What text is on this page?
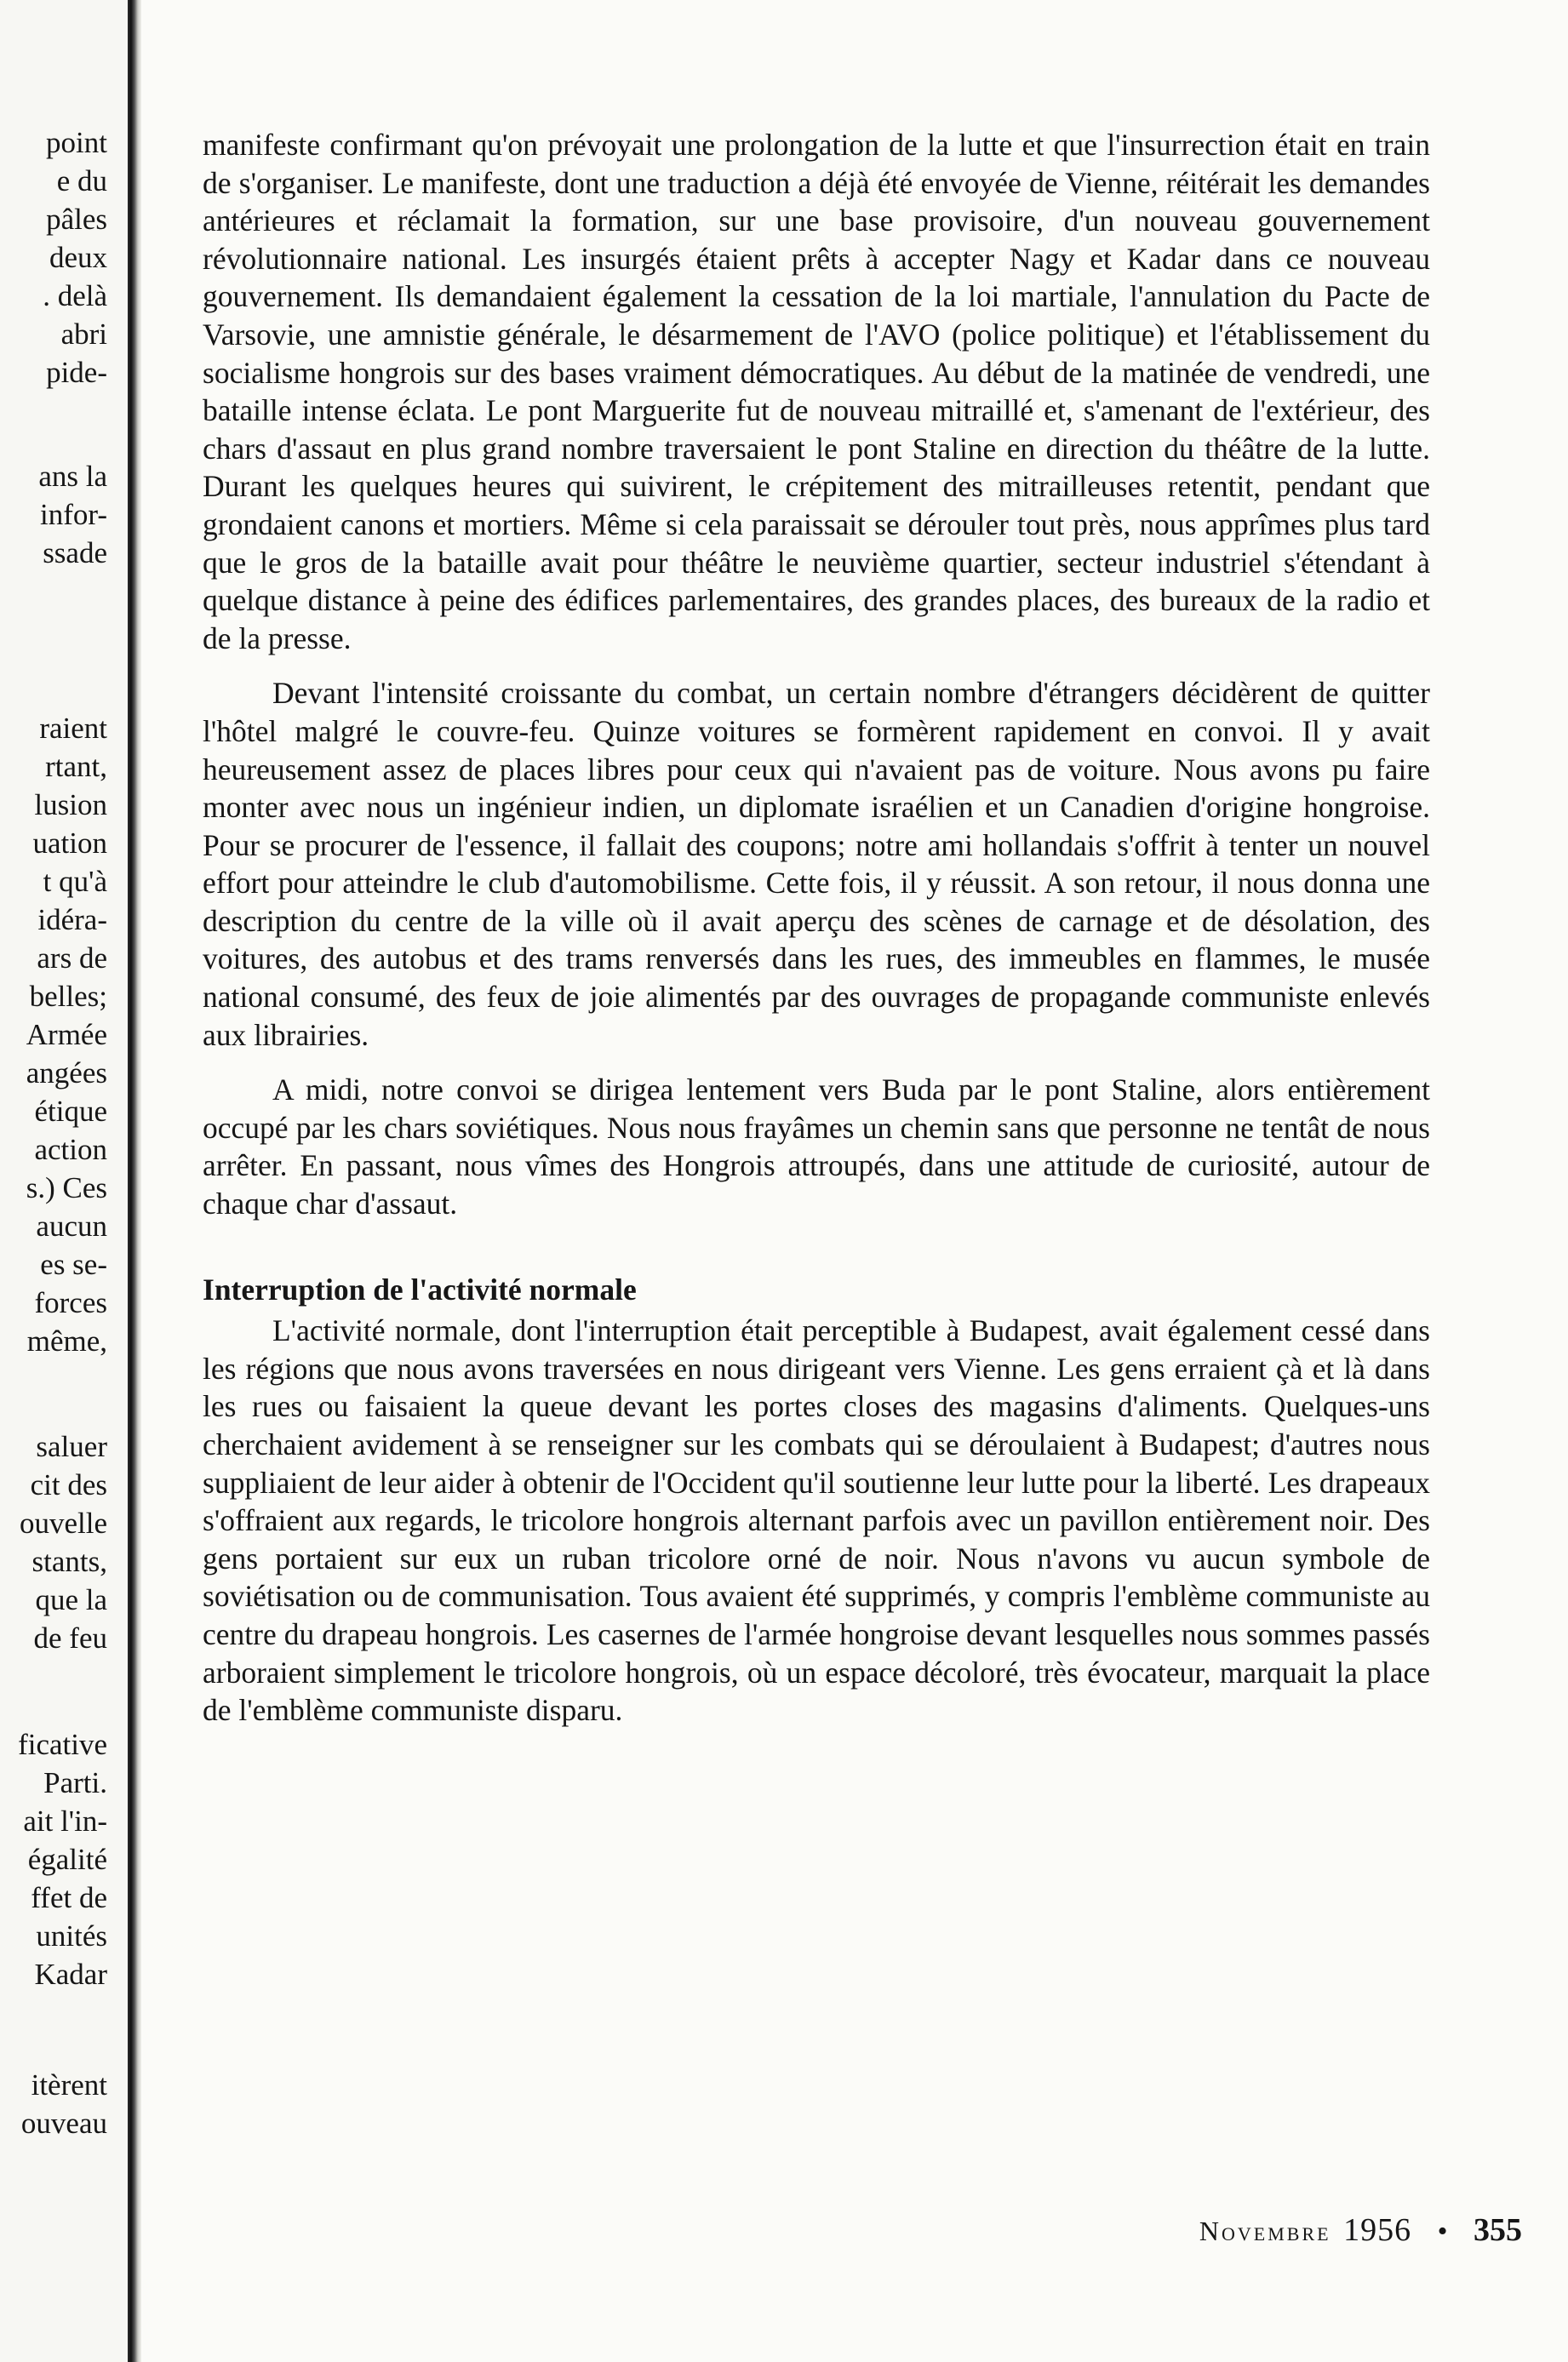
point
e du
pâles
deux
. delà
abri
pide-
ans la
infor-
ssade
raient
rtant,
lusion
uation
t qu'à
idéra-
ars de
belles;
Armée
angées
étique
action
s.) Ces
aucun
es se-
forces
même,
saluer
cit des
ouvelle
stants,
que la
de feu
ficative
Parti.
ait l'in-
égalité
ffet de
unités
Kadar
itèrent
ouveau

manifeste confirmant qu'on prévoyait une prolongation de la lutte et que l'insurrection était en train de s'organiser. Le manifeste, dont une traduction a déjà été envoyée de Vienne, réitérait les demandes antérieures et réclamait la formation, sur une base provisoire, d'un nouveau gouvernement révolutionnaire national. Les insurgés étaient prêts à accepter Nagy et Kadar dans ce nouveau gouvernement. Ils demandaient également la cessation de la loi martiale, l'annulation du Pacte de Varsovie, une amnistie générale, le désarmement de l'AVO (police politique) et l'établissement du socialisme hongrois sur des bases vraiment démocratiques. Au début de la matinée de vendredi, une bataille intense éclata. Le pont Marguerite fut de nouveau mitraillé et, s'amenant de l'extérieur, des chars d'assaut en plus grand nombre traversaient le pont Staline en direction du théâtre de la lutte. Durant les quelques heures qui suivirent, le crépitement des mitrailleuses retentit, pendant que grondaient canons et mortiers. Même si cela paraissait se dérouler tout près, nous apprîmes plus tard que le gros de la bataille avait pour théâtre le neuvième quartier, secteur industriel s'étendant à quelque distance à peine des édifices parlementaires, des grandes places, des bureaux de la radio et de la presse.

Devant l'intensité croissante du combat, un certain nombre d'étrangers décidèrent de quitter l'hôtel malgré le couvre-feu. Quinze voitures se formèrent rapidement en convoi. Il y avait heureusement assez de places libres pour ceux qui n'avaient pas de voiture. Nous avons pu faire monter avec nous un ingénieur indien, un diplomate israélien et un Canadien d'origine hongroise. Pour se procurer de l'essence, il fallait des coupons; notre ami hollandais s'offrit à tenter un nouvel effort pour atteindre le club d'automobilisme. Cette fois, il y réussit. A son retour, il nous donna une description du centre de la ville où il avait aperçu des scènes de carnage et de désolation, des voitures, des autobus et des trams renversés dans les rues, des immeubles en flammes, le musée national consumé, des feux de joie alimentés par des ouvrages de propagande communiste enlevés aux librairies.

A midi, notre convoi se dirigea lentement vers Buda par le pont Staline, alors entièrement occupé par les chars soviétiques. Nous nous frayâmes un chemin sans que personne ne tentât de nous arrêter. En passant, nous vîmes des Hongrois attroupés, dans une attitude de curiosité, autour de chaque char d'assaut.

Interruption de l'activité normale

L'activité normale, dont l'interruption était perceptible à Budapest, avait également cessé dans les régions que nous avons traversées en nous dirigeant vers Vienne. Les gens erraient çà et là dans les rues ou faisaient la queue devant les portes closes des magasins d'aliments. Quelques-uns cherchaient avidement à se renseigner sur les combats qui se déroulaient à Budapest; d'autres nous suppliaient de leur aider à obtenir de l'Occident qu'il soutienne leur lutte pour la liberté. Les drapeaux s'offraient aux regards, le tricolore hongrois alternant parfois avec un pavillon entièrement noir. Des gens portaient sur eux un ruban tricolore orné de noir. Nous n'avons vu aucun symbole de soviétisation ou de communisation. Tous avaient été supprimés, y compris l'emblème communiste au centre du drapeau hongrois. Les casernes de l'armée hongroise devant lesquelles nous sommes passés arboraient simplement le tricolore hongrois, où un espace décoloré, très évocateur, marquait la place de l'emblème communiste disparu.

Novembre 1956 • 355
